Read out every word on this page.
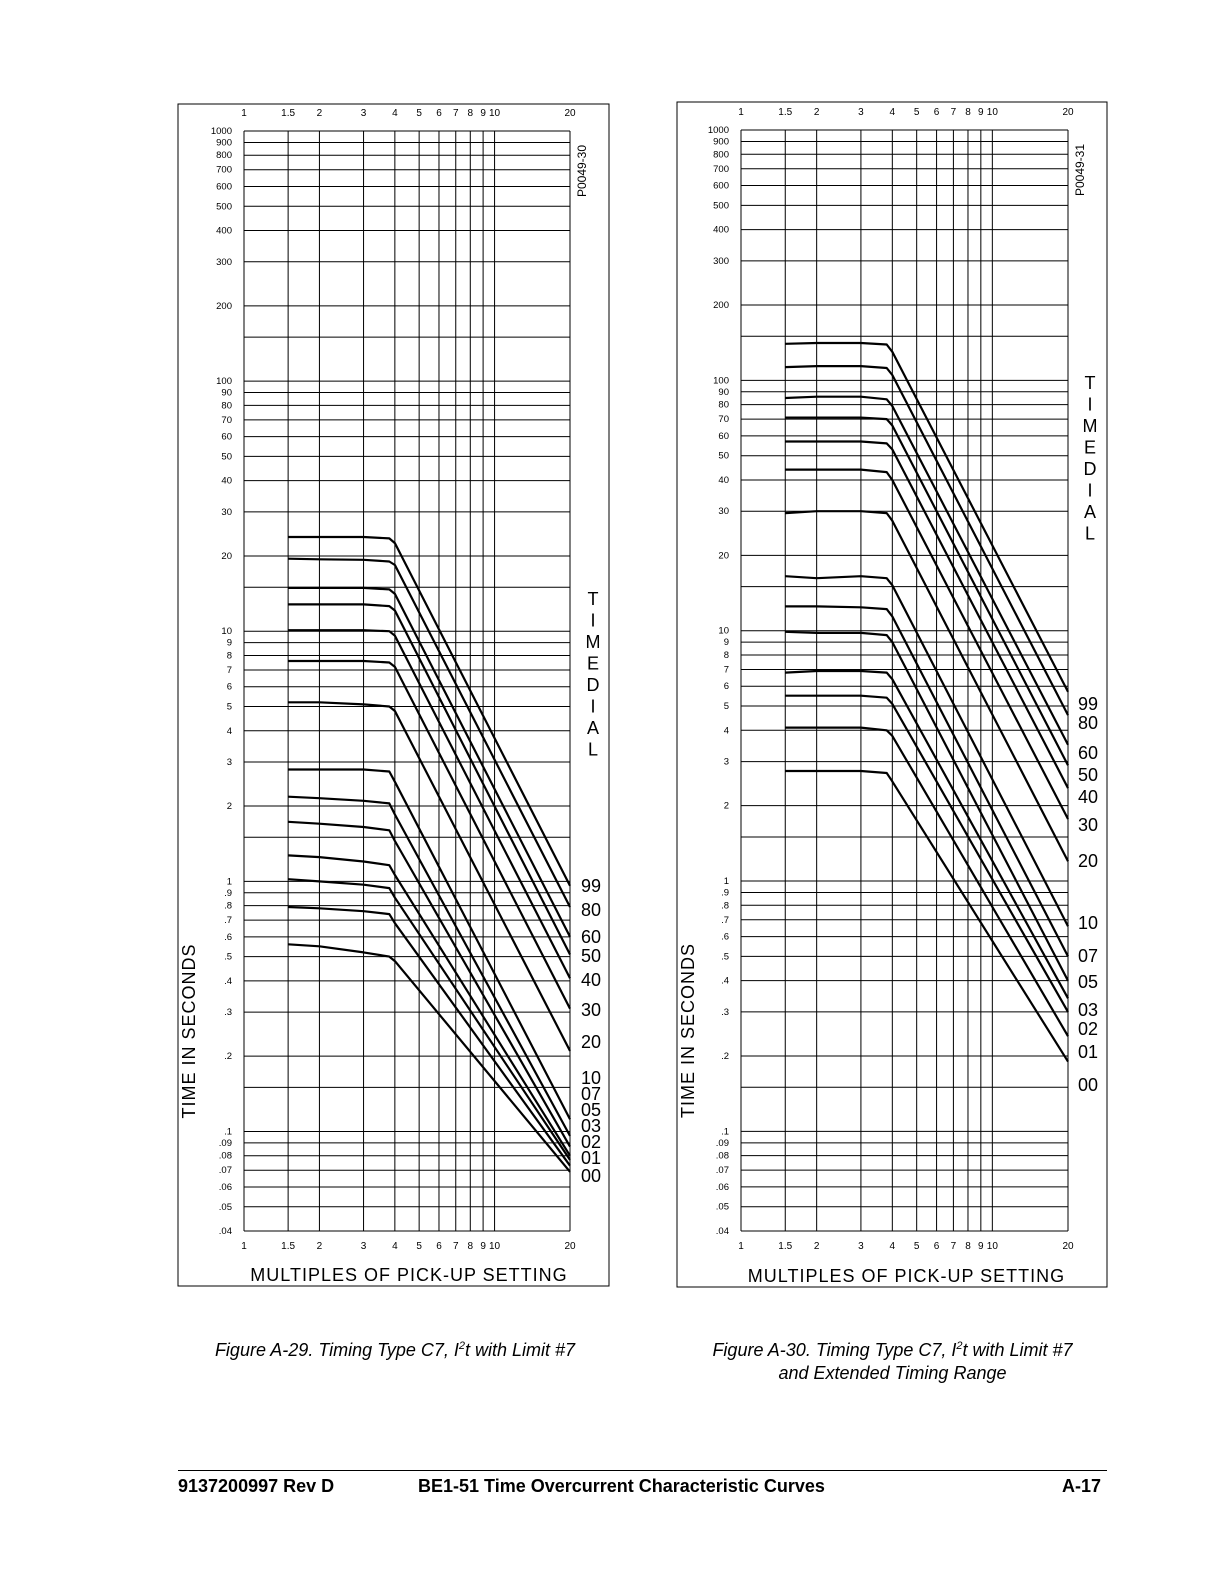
1
1
1.5
1.5
2
2
3
3
4
4
5
5
6
6
7
7
8
8
9
9
10
10
20
20
1000
900
800
700
600
500
400
300
200
100
90
80
70
60
50
40
30
20
10
9
8
7
6
5
4
3
2
1
.9
.8
.7
.6
.5
.4
.3
.2
.1
.09
.08
.07
.06
.05
.04
MULTIPLES OF PICK-UP SETTING
TIME IN SECONDS
P0049-30
T
I
M
E
D
I
A
L
99
80
60
50
40
30
20
10
07
05
03
02
01
00
1
1
1.5
1.5
2
2
3
3
4
4
5
5
6
6
7
7
8
8
9
9
10
10
20
20
1000
900
800
700
600
500
400
300
200
100
90
80
70
60
50
40
30
20
10
9
8
7
6
5
4
3
2
1
.9
.8
.7
.6
.5
.4
.3
.2
.1
.09
.08
.07
.06
.05
.04
MULTIPLES OF PICK-UP SETTING
TIME IN SECONDS
P0049-31
T
I
M
E
D
I
A
L
99
80
60
50
40
30
20
10
07
05
03
02
01
00
Figure A-29. Timing Type C7, $I^2t$ with Limit #7	Figure A-30. Timing Type C7, $I^2t$ with Limit #7
and Extended Timing Range
9137200997 Rev D	BE1-51 Time Overcurrent Characteristic Curves	A-17
